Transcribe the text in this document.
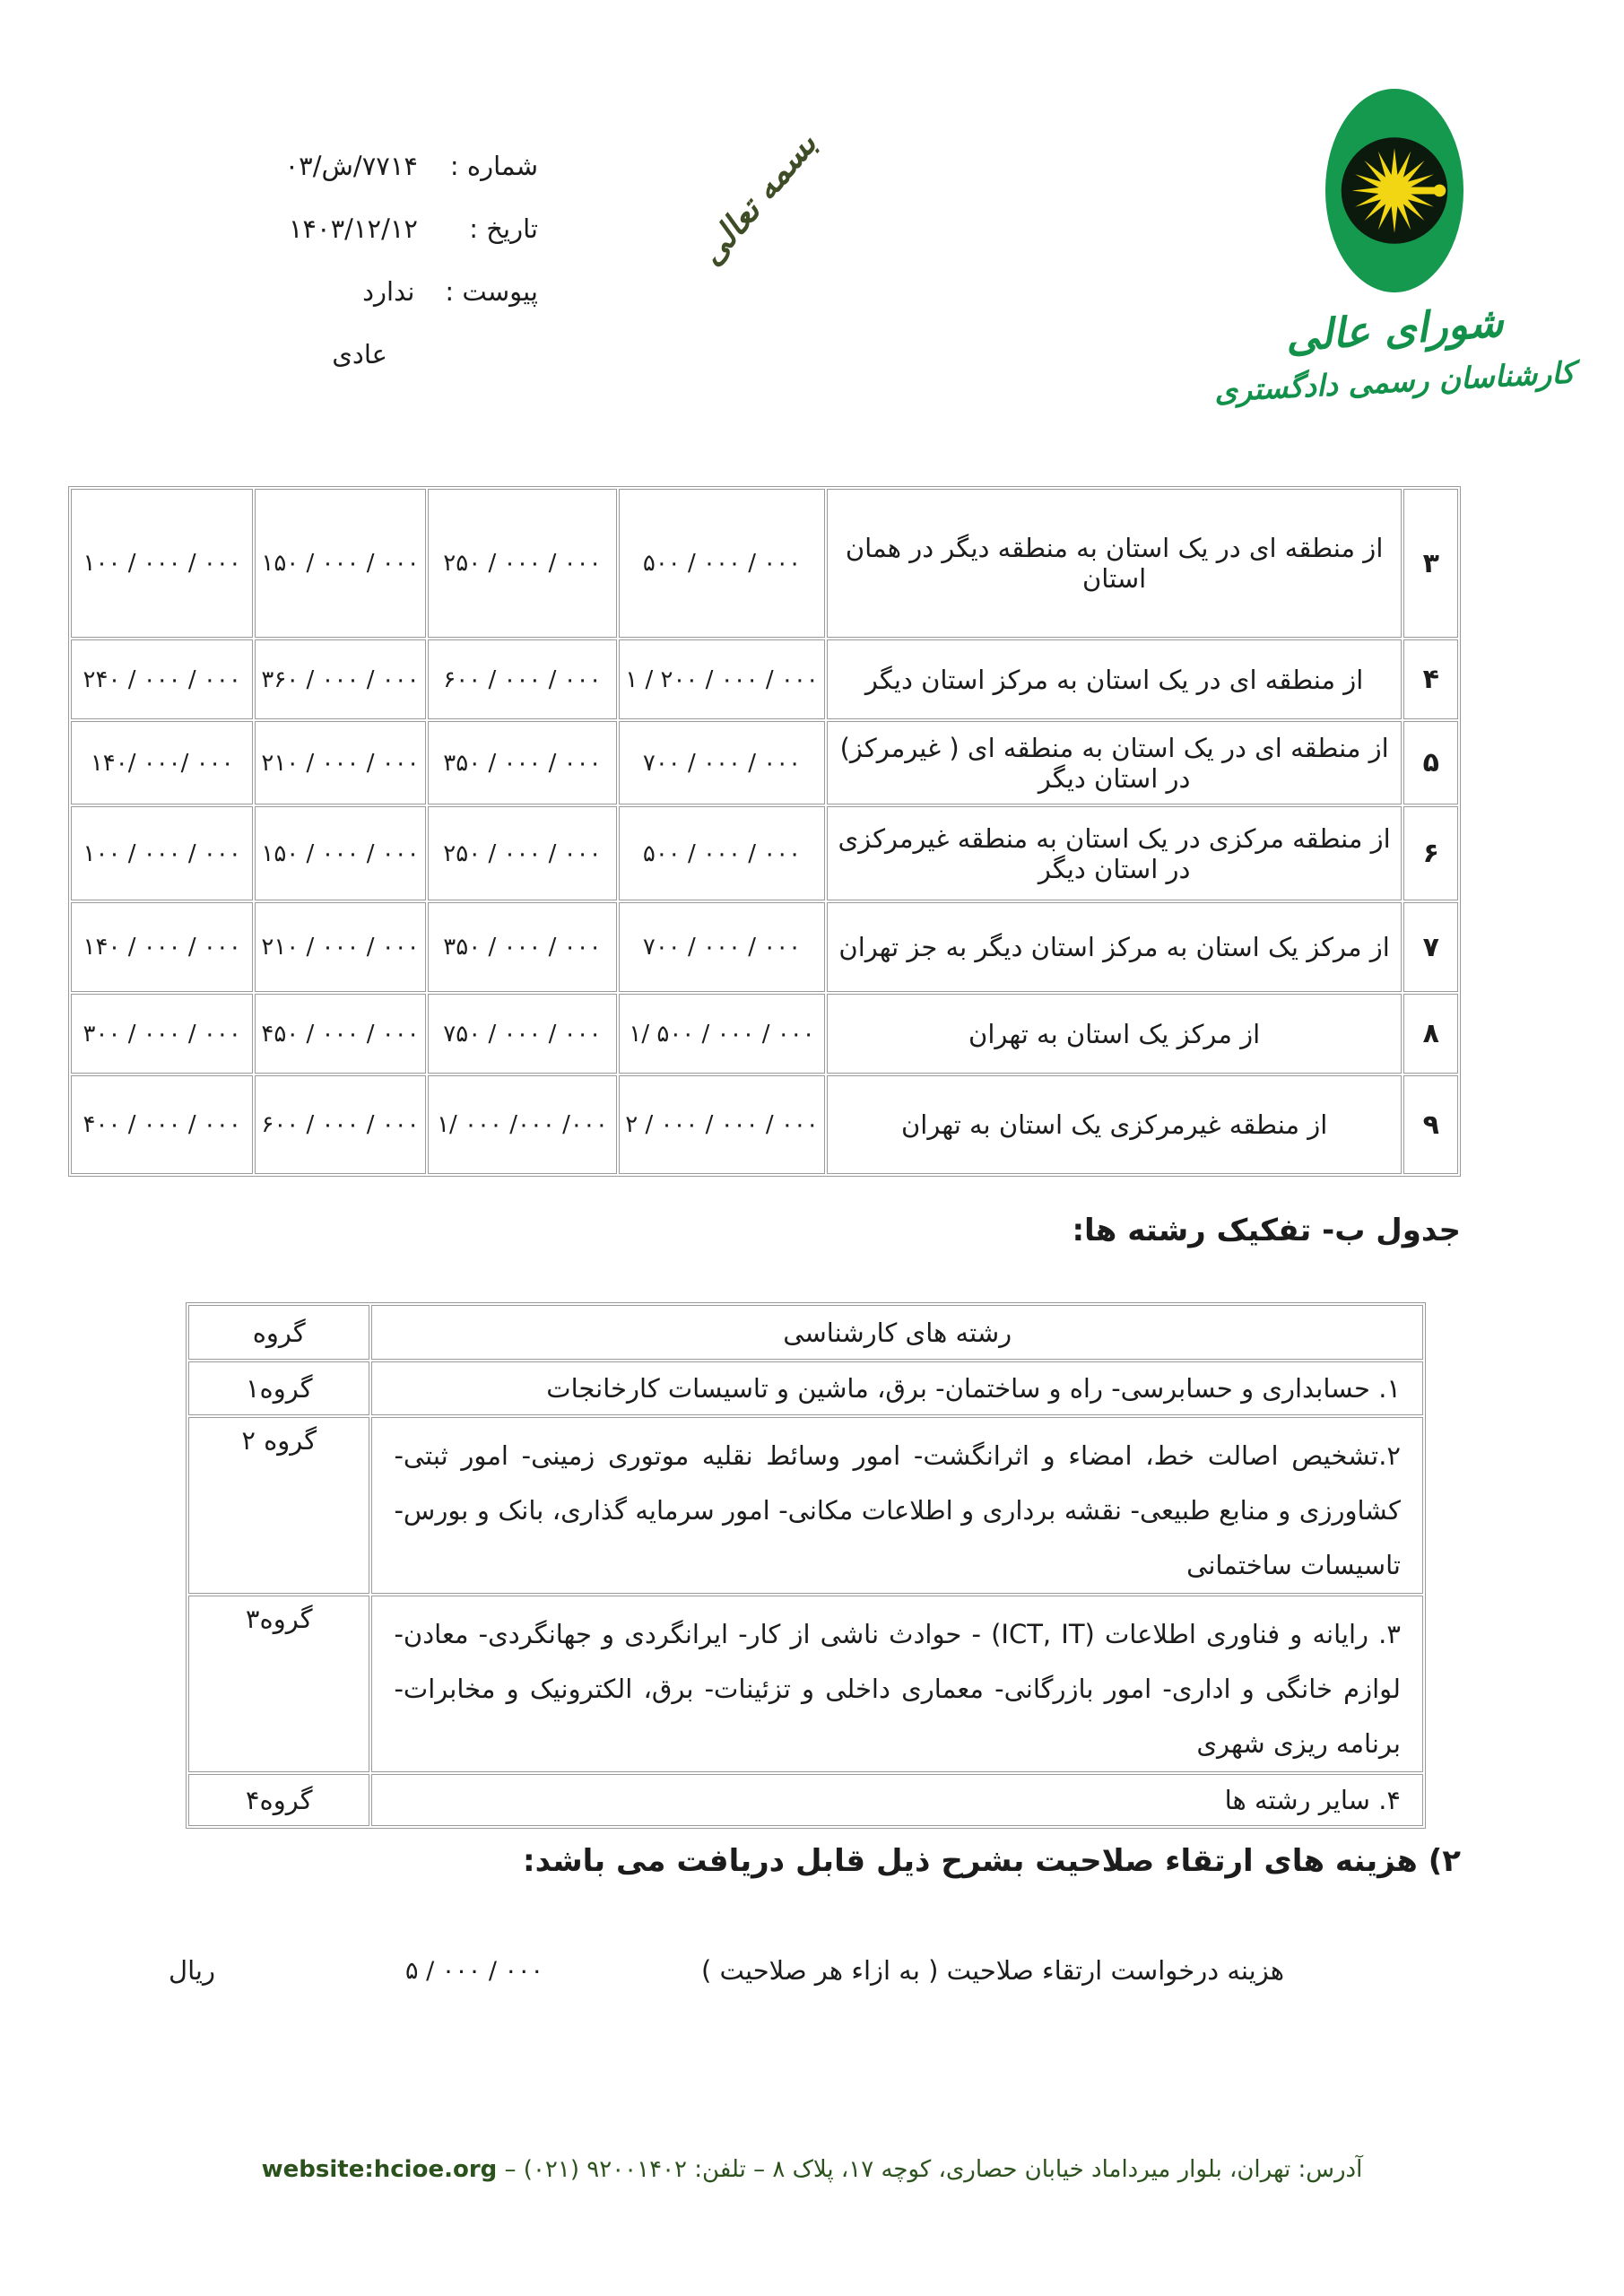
شماره :
۷۷۱۴/ش/۰۳
تاریخ :
۱۴۰۳/۱۲/۱۲
پیوست :
ندارد
عادی
بسمه تعالی
شورای عالی
کارشناسان رسمی دادگستری
۳	از منطقه ای در یک استان به منطقه دیگر در همان استان	۵۰۰ / ۰۰۰ / ۰۰۰	۲۵۰ / ۰۰۰ / ۰۰۰	۱۵۰ / ۰۰۰ / ۰۰۰	۱۰۰ / ۰۰۰ / ۰۰۰
۴	از منطقه ای در یک استان به مرکز استان دیگر	۱ / ۲۰۰ / ۰۰۰ / ۰۰۰	۶۰۰ / ۰۰۰ / ۰۰۰	۳۶۰ / ۰۰۰ / ۰۰۰	۲۴۰ / ۰۰۰ / ۰۰۰
۵	از منطقه ای در یک استان به منطقه ای ( غیرمرکز) در استان دیگر	۷۰۰ / ۰۰۰ / ۰۰۰	۳۵۰ / ۰۰۰ / ۰۰۰	۲۱۰ / ۰۰۰ / ۰۰۰	۱۴۰/ ۰۰۰/ ۰۰۰
۶	از منطقه مرکزی در یک استان به منطقه غیرمرکزی در استان دیگر	۵۰۰ / ۰۰۰ / ۰۰۰	۲۵۰ / ۰۰۰ / ۰۰۰	۱۵۰ / ۰۰۰ / ۰۰۰	۱۰۰ / ۰۰۰ / ۰۰۰
۷	از مرکز یک استان به مرکز استان دیگر به جز تهران	۷۰۰ / ۰۰۰ / ۰۰۰	۳۵۰ / ۰۰۰ / ۰۰۰	۲۱۰ / ۰۰۰ / ۰۰۰	۱۴۰ / ۰۰۰ / ۰۰۰
۸	از مرکز یک استان به تهران	۱/ ۵۰۰ / ۰۰۰ / ۰۰۰	۷۵۰ / ۰۰۰ / ۰۰۰	۴۵۰ / ۰۰۰ / ۰۰۰	۳۰۰ / ۰۰۰ / ۰۰۰
۹	از منطقه غیرمرکزی یک استان به تهران	۲ / ۰۰۰ / ۰۰۰ / ۰۰۰	۱/ ۰۰۰ /۰۰۰ /۰۰۰	۶۰۰ / ۰۰۰ / ۰۰۰	۴۰۰ / ۰۰۰ / ۰۰۰
جدول ب- تفکیک رشته ها:
رشته های کارشناسی	گروه
۱. حسابداری و حسابرسی- راه و ساختمان- برق، ماشین و تاسیسات کارخانجات	گروه۱
۲.تشخیص اصالت خط، امضاء و اثرانگشت- امور وسائط نقلیه موتوری زمینی- امور ثبتی- کشاورزی و منابع طبیعی- نقشه برداری و اطلاعات مکانی- امور سرمایه گذاری، بانک و بورس- تاسیسات ساختمانی	گروه ۲
۳. رایانه و فناوری اطلاعات (ICT, IT) - حوادث ناشی از کار- ایرانگردی و جهانگردی- معادن- لوازم خانگی و اداری- امور بازرگانی- معماری داخلی و تزئینات- برق، الکترونیک و مخابرات- برنامه ریزی شهری	گروه۳
۴. سایر رشته ها	گروه۴
۲) هزینه های ارتقاء صلاحیت بشرح ذیل قابل دریافت می باشد:
هزینه درخواست ارتقاء صلاحیت ( به ازاء هر صلاحیت )
۵ / ۰۰۰ / ۰۰۰
ریال
آدرس: تهران، بلوار میرداماد خیابان حصاری، کوچه ۱۷، پلاک ۸ – تلفن: ۹۲۰۰۱۴۰۲ (۰۲۱) – website:hcioe.org
